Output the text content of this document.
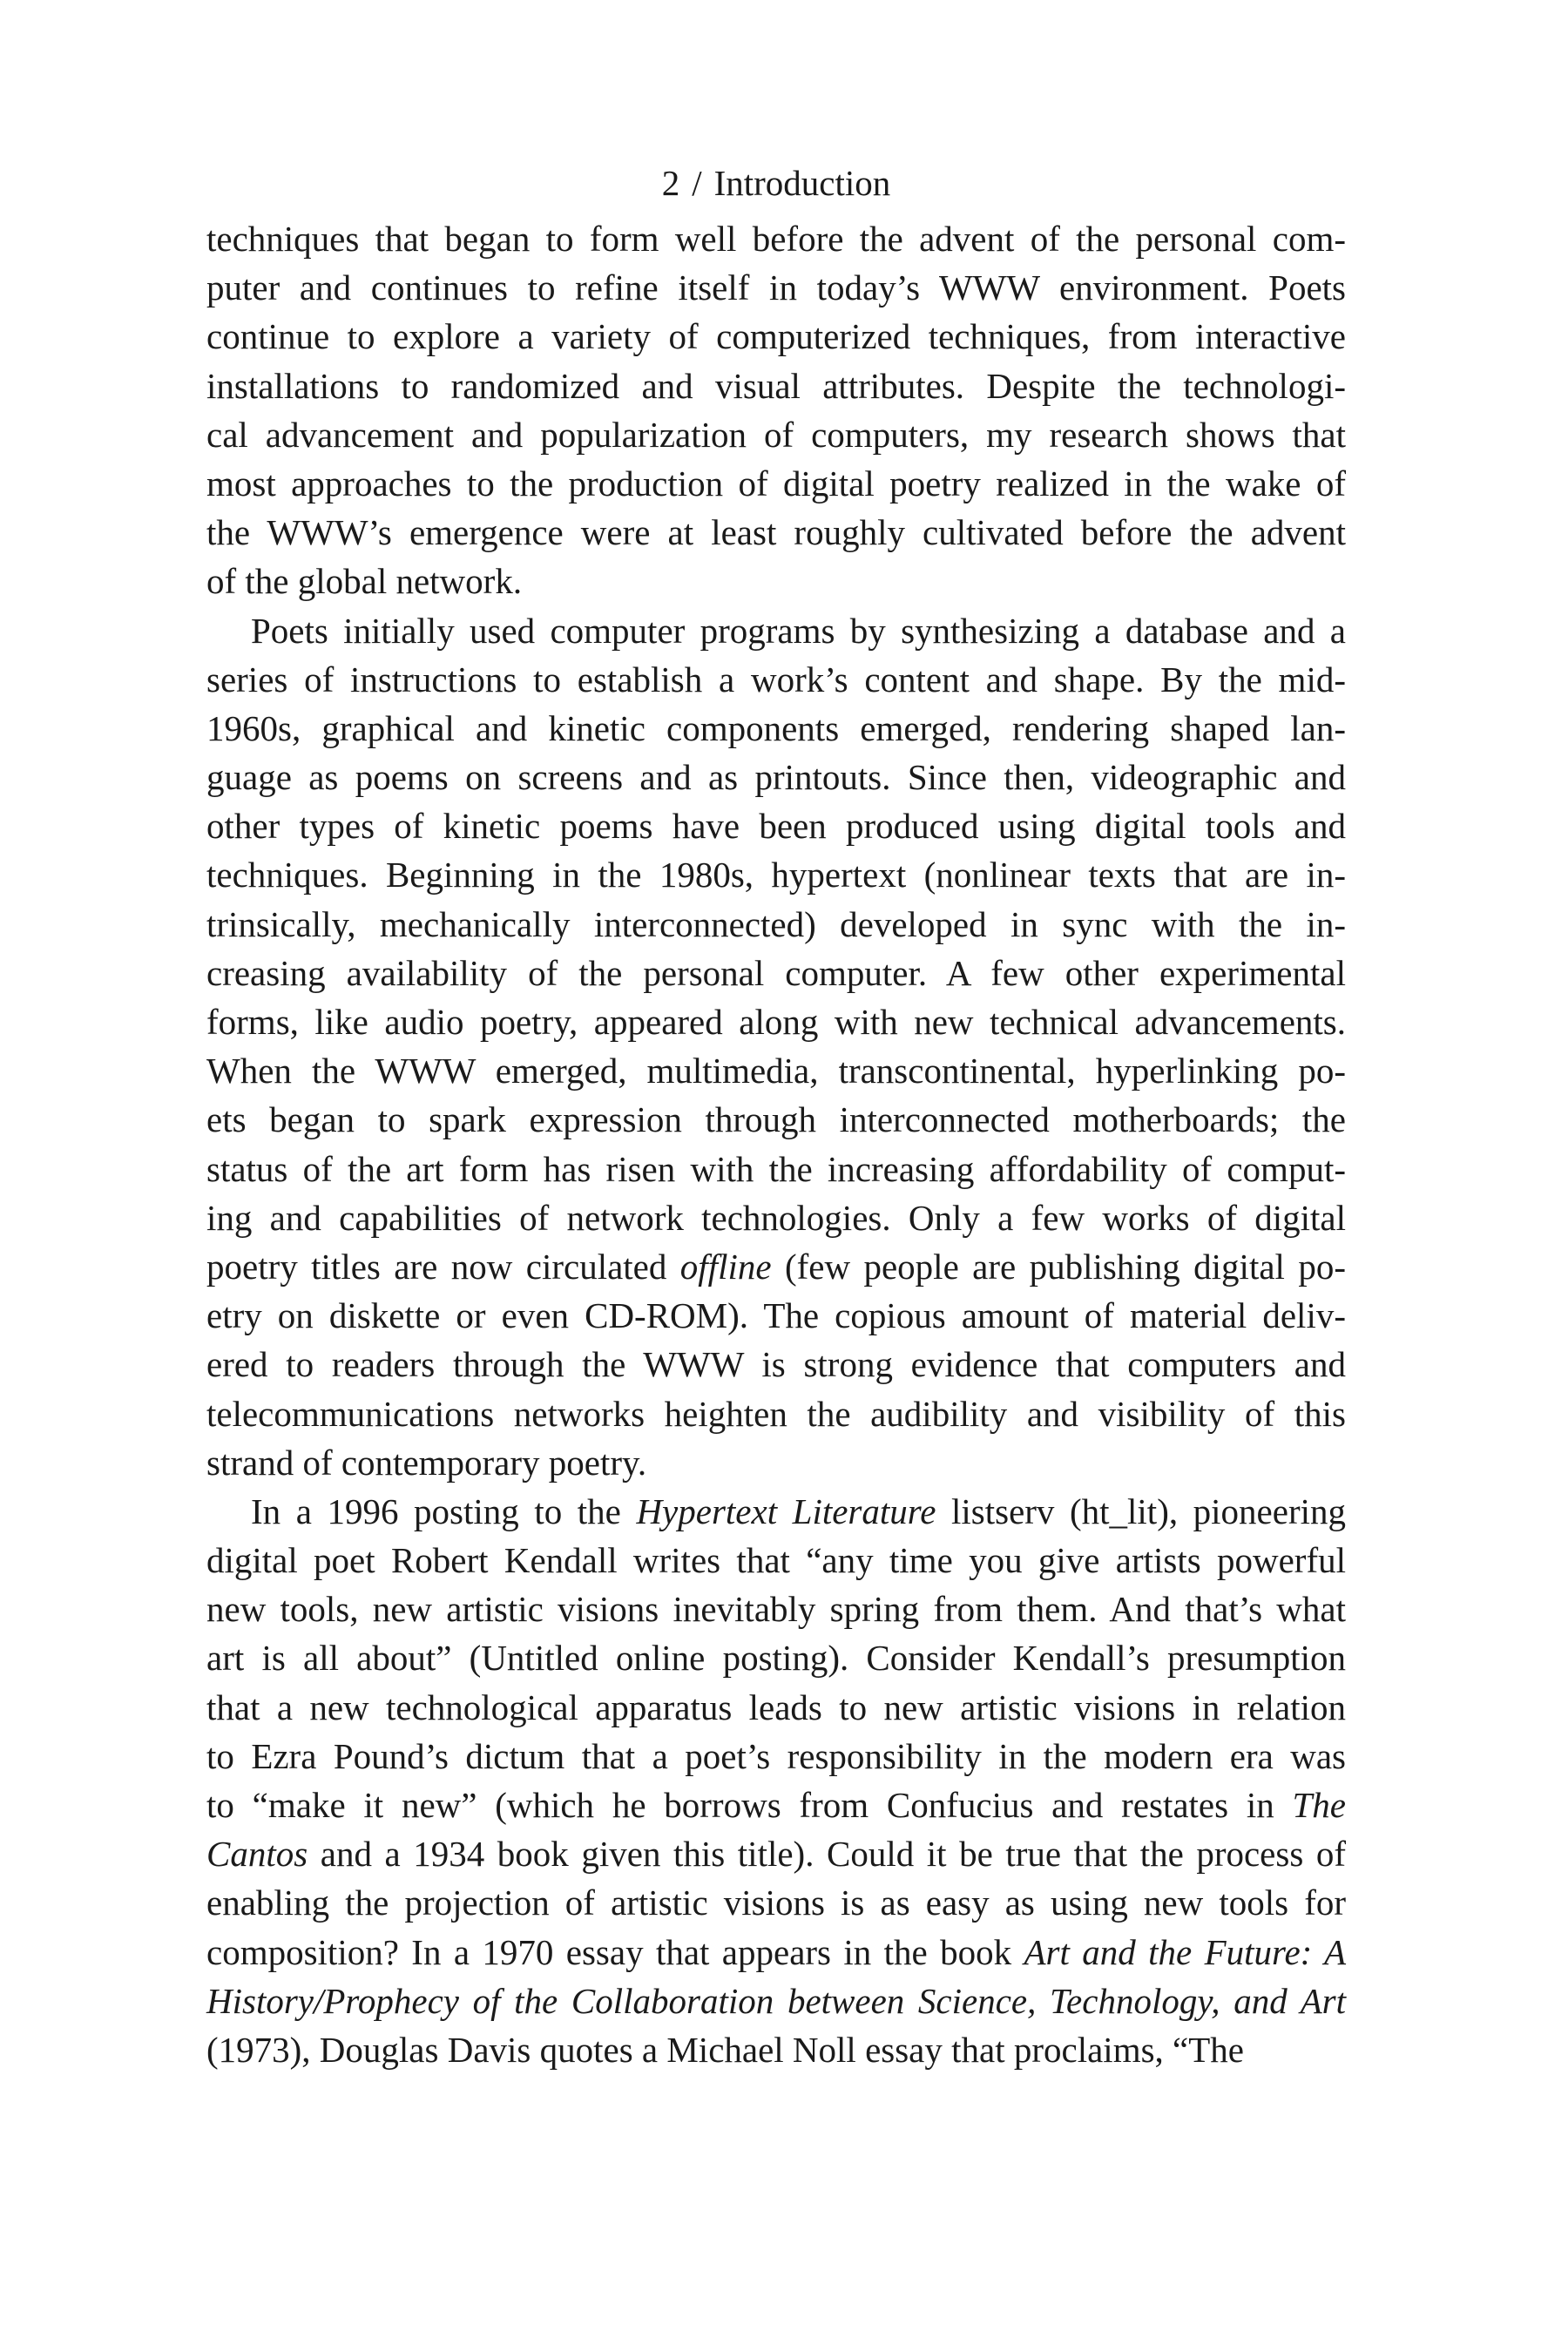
2 / Introduction

techniques that began to form well before the advent of the personal com-
puter and continues to refine itself in today’s WWW environment. Poets
continue to explore a variety of computerized techniques, from interactive
installations to randomized and visual attributes. Despite the technologi-
cal advancement and popularization of computers, my research shows that
most approaches to the production of digital poetry realized in the wake of
the WWW’s emergence were at least roughly cultivated before the advent
of the global network.

Poets initially used computer programs by synthesizing a database and a
series of instructions to establish a work’s content and shape. By the mid-
1960s, graphical and kinetic components emerged, rendering shaped lan-
guage as poems on screens and as printouts. Since then, videographic and
other types of kinetic poems have been produced using digital tools and
techniques. Beginning in the 1980s, hypertext (nonlinear texts that are in-
trinsically, mechanically interconnected) developed in sync with the in-
creasing availability of the personal computer. A few other experimental
forms, like audio poetry, appeared along with new technical advancements.
When the WWW emerged, multimedia, transcontinental, hyperlinking po-
ets began to spark expression through interconnected motherboards; the
status of the art form has risen with the increasing affordability of comput-
ing and capabilities of network technologies. Only a few works of digital
poetry titles are now circulated offline (few people are publishing digital po-
etry on diskette or even CD-ROM). The copious amount of material deliv-
ered to readers through the WWW is strong evidence that computers and
telecommunications networks heighten the audibility and visibility of this
strand of contemporary poetry.

In a 1996 posting to the Hypertext Literature listserv (ht_lit), pioneering
digital poet Robert Kendall writes that “any time you give artists powerful
new tools, new artistic visions inevitably spring from them. And that’s what
art is all about” (Untitled online posting). Consider Kendall’s presumption
that a new technological apparatus leads to new artistic visions in relation
to Ezra Pound’s dictum that a poet’s responsibility in the modern era was
to “make it new” (which he borrows from Confucius and restates in The
Cantos and a 1934 book given this title). Could it be true that the process of
enabling the projection of artistic visions is as easy as using new tools for
composition? In a 1970 essay that appears in the book Art and the Future: A
History/Prophecy of the Collaboration between Science, Technology, and Art
(1973), Douglas Davis quotes a Michael Noll essay that proclaims, “The
